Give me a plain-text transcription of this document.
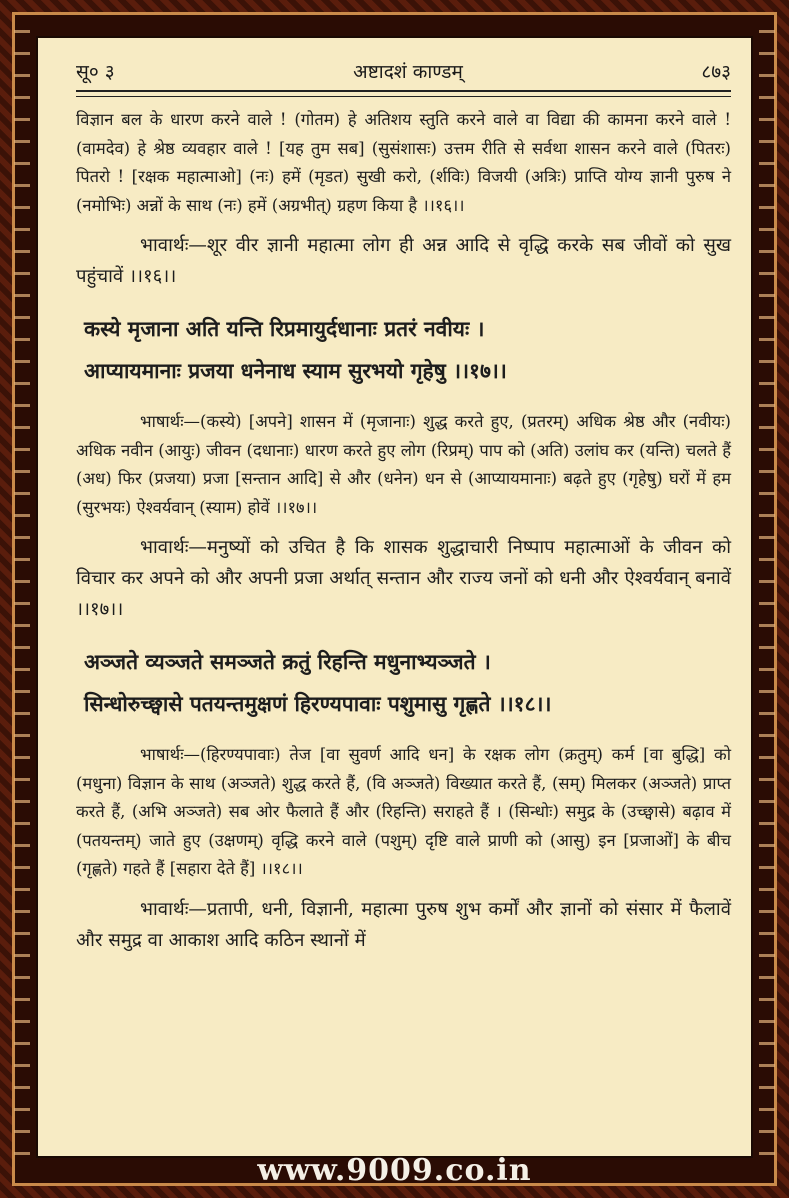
सू० ३	अष्टादशं काण्डम्	८७३

विज्ञान बल के धारण करने वाले ! (गोतम) हे अतिशय स्तुति करने वाले वा विद्या की कामना करने वाले ! (वामदेव) हे श्रेष्ठ व्यवहार वाले ! [यह तुम सब] (सुसंशासः) उत्तम रीति से सर्वथा शासन करने वाले (पितरः) पितरो ! [रक्षक महात्माओ] (नः) हमें (मृडत) सुखी करो, (र्शविः) विजयी (अत्रिः) प्राप्ति योग्य ज्ञानी पुरुष ने (नमोभिः) अन्नों के साथ (नः) हमें (अग्रभीत्) ग्रहण किया है ।।१६।।

भावार्थः—शूर वीर ज्ञानी महात्मा लोग ही अन्न आदि से वृद्धि करके सब जीवों को सुख पहुंचावें ।।१६।।

कस्ये मृजाना अति यन्ति रिप्रमायुर्दधानाः प्रतरं नवीयः ।
आप्यायमानाः प्रजया धनेनाध स्याम सुरभयो गृहेषु ।।१७।।

भाषार्थः—(कस्ये) [अपने] शासन में (मृजानाः) शुद्ध करते हुए, (प्रतरम्) अधिक श्रेष्ठ और (नवीयः) अधिक नवीन (आयुः) जीवन (दधानाः) धारण करते हुए लोग (रिप्रम्) पाप को (अति) उलांघ कर (यन्ति) चलते हैं (अध) फिर (प्रजया) प्रजा [सन्तान आदि] से और (धनेन) धन से (आप्यायमानाः) बढ़ते हुए (गृहेषु) घरों में हम (सुरभयः) ऐश्वर्यवान् (स्याम) होवें ।।१७।।

भावार्थः—मनुष्यों को उचित है कि शासक शुद्धाचारी निष्पाप महात्माओं के जीवन को विचार कर अपने को और अपनी प्रजा अर्थात् सन्तान और राज्य जनों को धनी और ऐश्वर्यवान् बनावें ।।१७।।

अञ्जते व्यञ्जते समञ्जते क्रतुं रिहन्ति मधुनाभ्यञ्जते ।
सिन्धोरुच्छ्वासे पतयन्तमुक्षणं हिरण्यपावाः पशुमासु गृह्णते ।।१८।।

भाषार्थः—(हिरण्यपावाः) तेज [वा सुवर्ण आदि धन] के रक्षक लोग (क्रतुम्) कर्म [वा बुद्धि] को (मधुना) विज्ञान के साथ (अञ्जते) शुद्ध करते हैं, (वि अञ्जते) विख्यात करते हैं, (सम्) मिलकर (अञ्जते) प्राप्त करते हैं, (अभि अञ्जते) सब ओर फैलाते हैं और (रिहन्ति) सराहते हैं । (सिन्धोः) समुद्र के (उच्छ्वासे) बढ़ाव में (पतयन्तम्) जाते हुए (उक्षणम्) वृद्धि करने वाले (पशुम्) दृष्टि वाले प्राणी को (आसु) इन [प्रजाओं] के बीच (गृह्णते) गहते हैं [सहारा देते हैं] ।।१८।।

भावार्थः—प्रतापी, धनी, विज्ञानी, महात्मा पुरुष शुभ कर्मों और ज्ञानों को संसार में फैलावें और समुद्र वा आकाश आदि कठिन स्थानों में

www.9009.co.in
